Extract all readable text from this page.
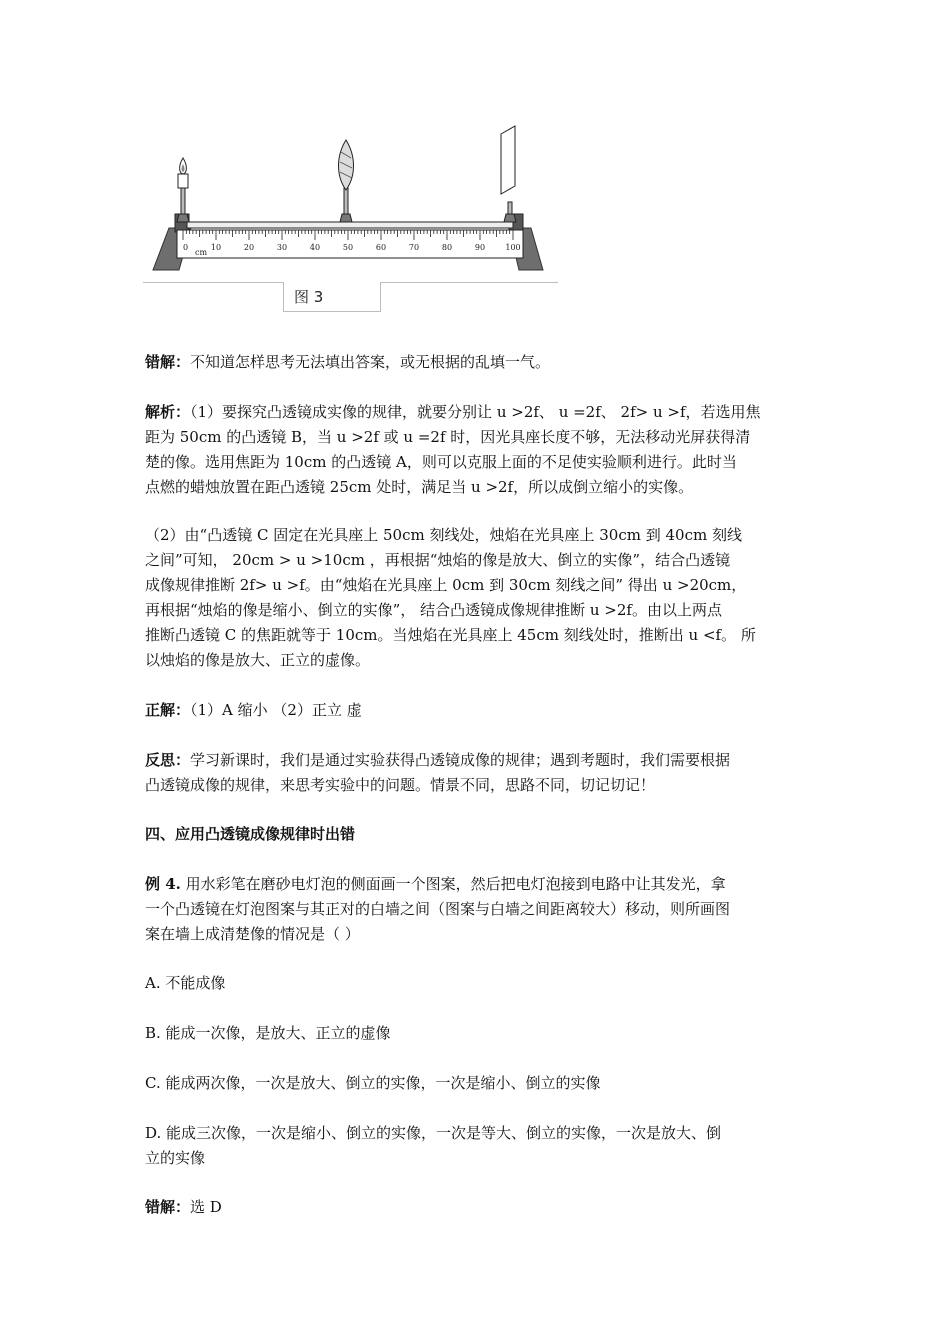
0	10	20	30	40	50	60	70	80	90	100
cm
图 3

错解：不知道怎样思考无法填出答案，或无根据的乱填一气。

解析：（1）要探究凸透镜成实像的规律，就要分别让 u >2f、 u =2f、 2f> u >f，若选用焦
距为 50cm 的凸透镜 B，当 u >2f 或 u =2f 时，因光具座长度不够，无法移动光屏获得清
楚的像。选用焦距为 10cm 的凸透镜 A，则可以克服上面的不足使实验顺利进行。此时当
点燃的蜡烛放置在距凸透镜 25cm 处时，满足当 u >2f，所以成倒立缩小的实像。
（2）由“凸透镜 C 固定在光具座上 50cm 刻线处，烛焰在光具座上 30cm 到 40cm 刻线
之间”可知， 20cm > u >10cm ，再根据“烛焰的像是放大、倒立的实像”，结合凸透镜
成像规律推断 2f> u >f。由“烛焰在光具座上 0cm 到 30cm 刻线之间” 得出 u >20cm，
再根据“烛焰的像是缩小、倒立的实像”， 结合凸透镜成像规律推断 u >2f。由以上两点
推断凸透镜 C 的焦距就等于 10cm。当烛焰在光具座上 45cm 刻线处时，推断出 u <f。 所
以烛焰的像是放大、正立的虚像。

正解：（1）A 缩小 （2）正立 虚

反思：学习新课时，我们是通过实验获得凸透镜成像的规律；遇到考题时，我们需要根据
凸透镜成像的规律，来思考实验中的问题。情景不同，思路不同，切记切记！

四、应用凸透镜成像规律时出错

例 4. 用水彩笔在磨砂电灯泡的侧面画一个图案，然后把电灯泡接到电路中让其发光，拿
一个凸透镜在灯泡图案与其正对的白墙之间（图案与白墙之间距离较大）移动，则所画图
案在墙上成清楚像的情况是（ ）

A. 不能成像

B. 能成一次像，是放大、正立的虚像

C. 能成两次像，一次是放大、倒立的实像，一次是缩小、倒立的实像

D. 能成三次像，一次是缩小、倒立的实像，一次是等大、倒立的实像，一次是放大、倒
立的实像

错解：选 D
